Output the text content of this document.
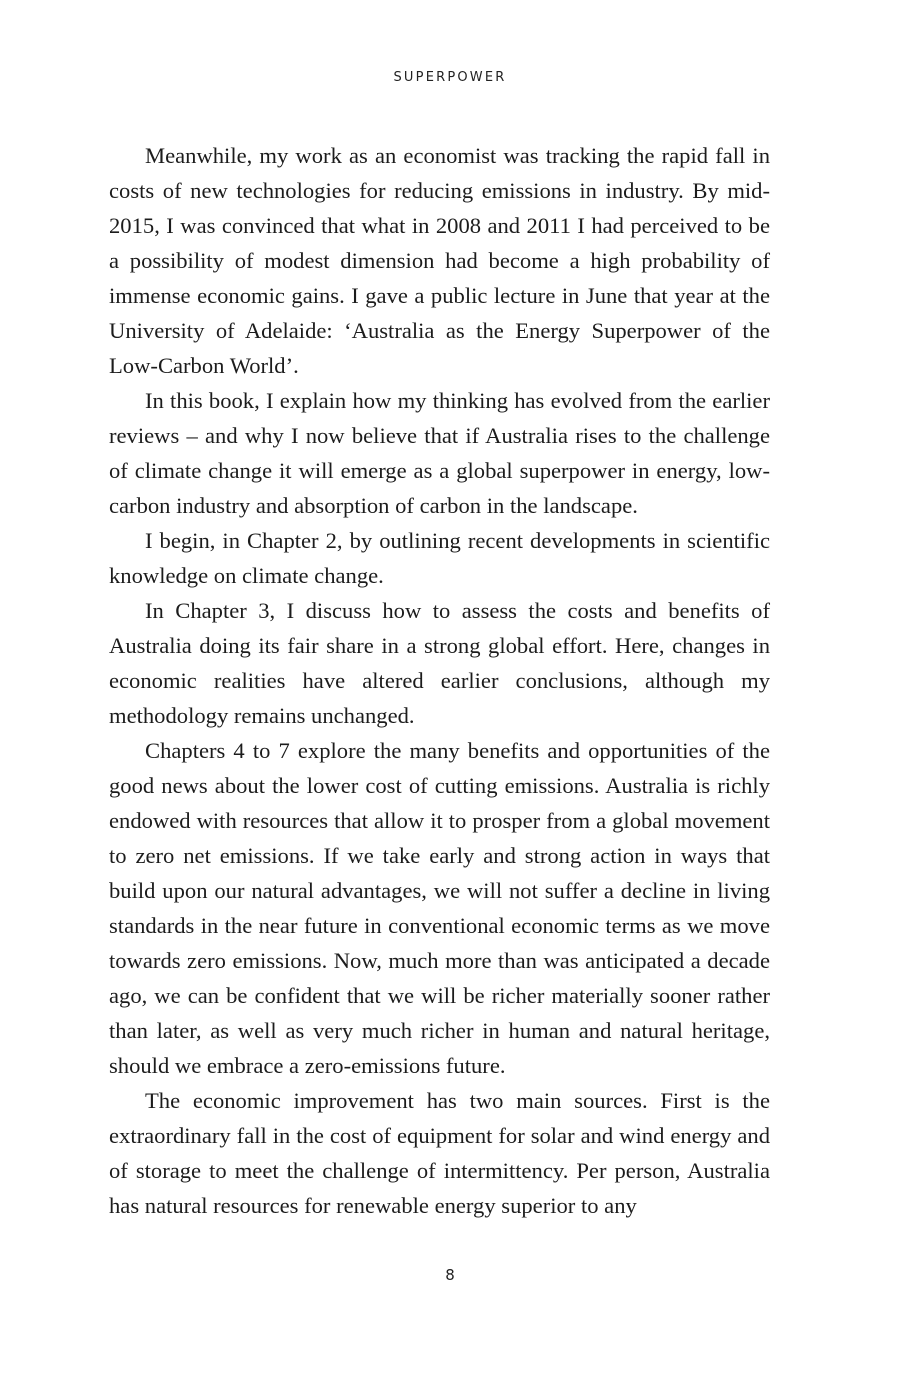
SUPERPOWER

Meanwhile, my work as an economist was tracking the rapid fall in costs of new technologies for reducing emissions in industry. By mid-2015, I was convinced that what in 2008 and 2011 I had perceived to be a possibility of modest dimension had become a high probability of immense economic gains. I gave a public lecture in June that year at the University of Adelaide: ‘Australia as the Energy Superpower of the Low-Carbon World’.

In this book, I explain how my thinking has evolved from the earlier reviews – and why I now believe that if Australia rises to the challenge of climate change it will emerge as a global superpower in energy, low-carbon industry and absorption of carbon in the landscape.

I begin, in Chapter 2, by outlining recent developments in scientific knowledge on climate change.

In Chapter 3, I discuss how to assess the costs and benefits of Australia doing its fair share in a strong global effort. Here, changes in economic realities have altered earlier conclusions, although my methodology remains unchanged.

Chapters 4 to 7 explore the many benefits and opportunities of the good news about the lower cost of cutting emissions. Australia is richly endowed with resources that allow it to prosper from a global movement to zero net emissions. If we take early and strong action in ways that build upon our natural advantages, we will not suffer a decline in living standards in the near future in conventional economic terms as we move towards zero emissions. Now, much more than was anticipated a decade ago, we can be confident that we will be richer materially sooner rather than later, as well as very much richer in human and natural heritage, should we embrace a zero-emissions future.

The economic improvement has two main sources. First is the extraordinary fall in the cost of equipment for solar and wind energy and of storage to meet the challenge of intermittency. Per person, Australia has natural resources for renewable energy superior to any

8
